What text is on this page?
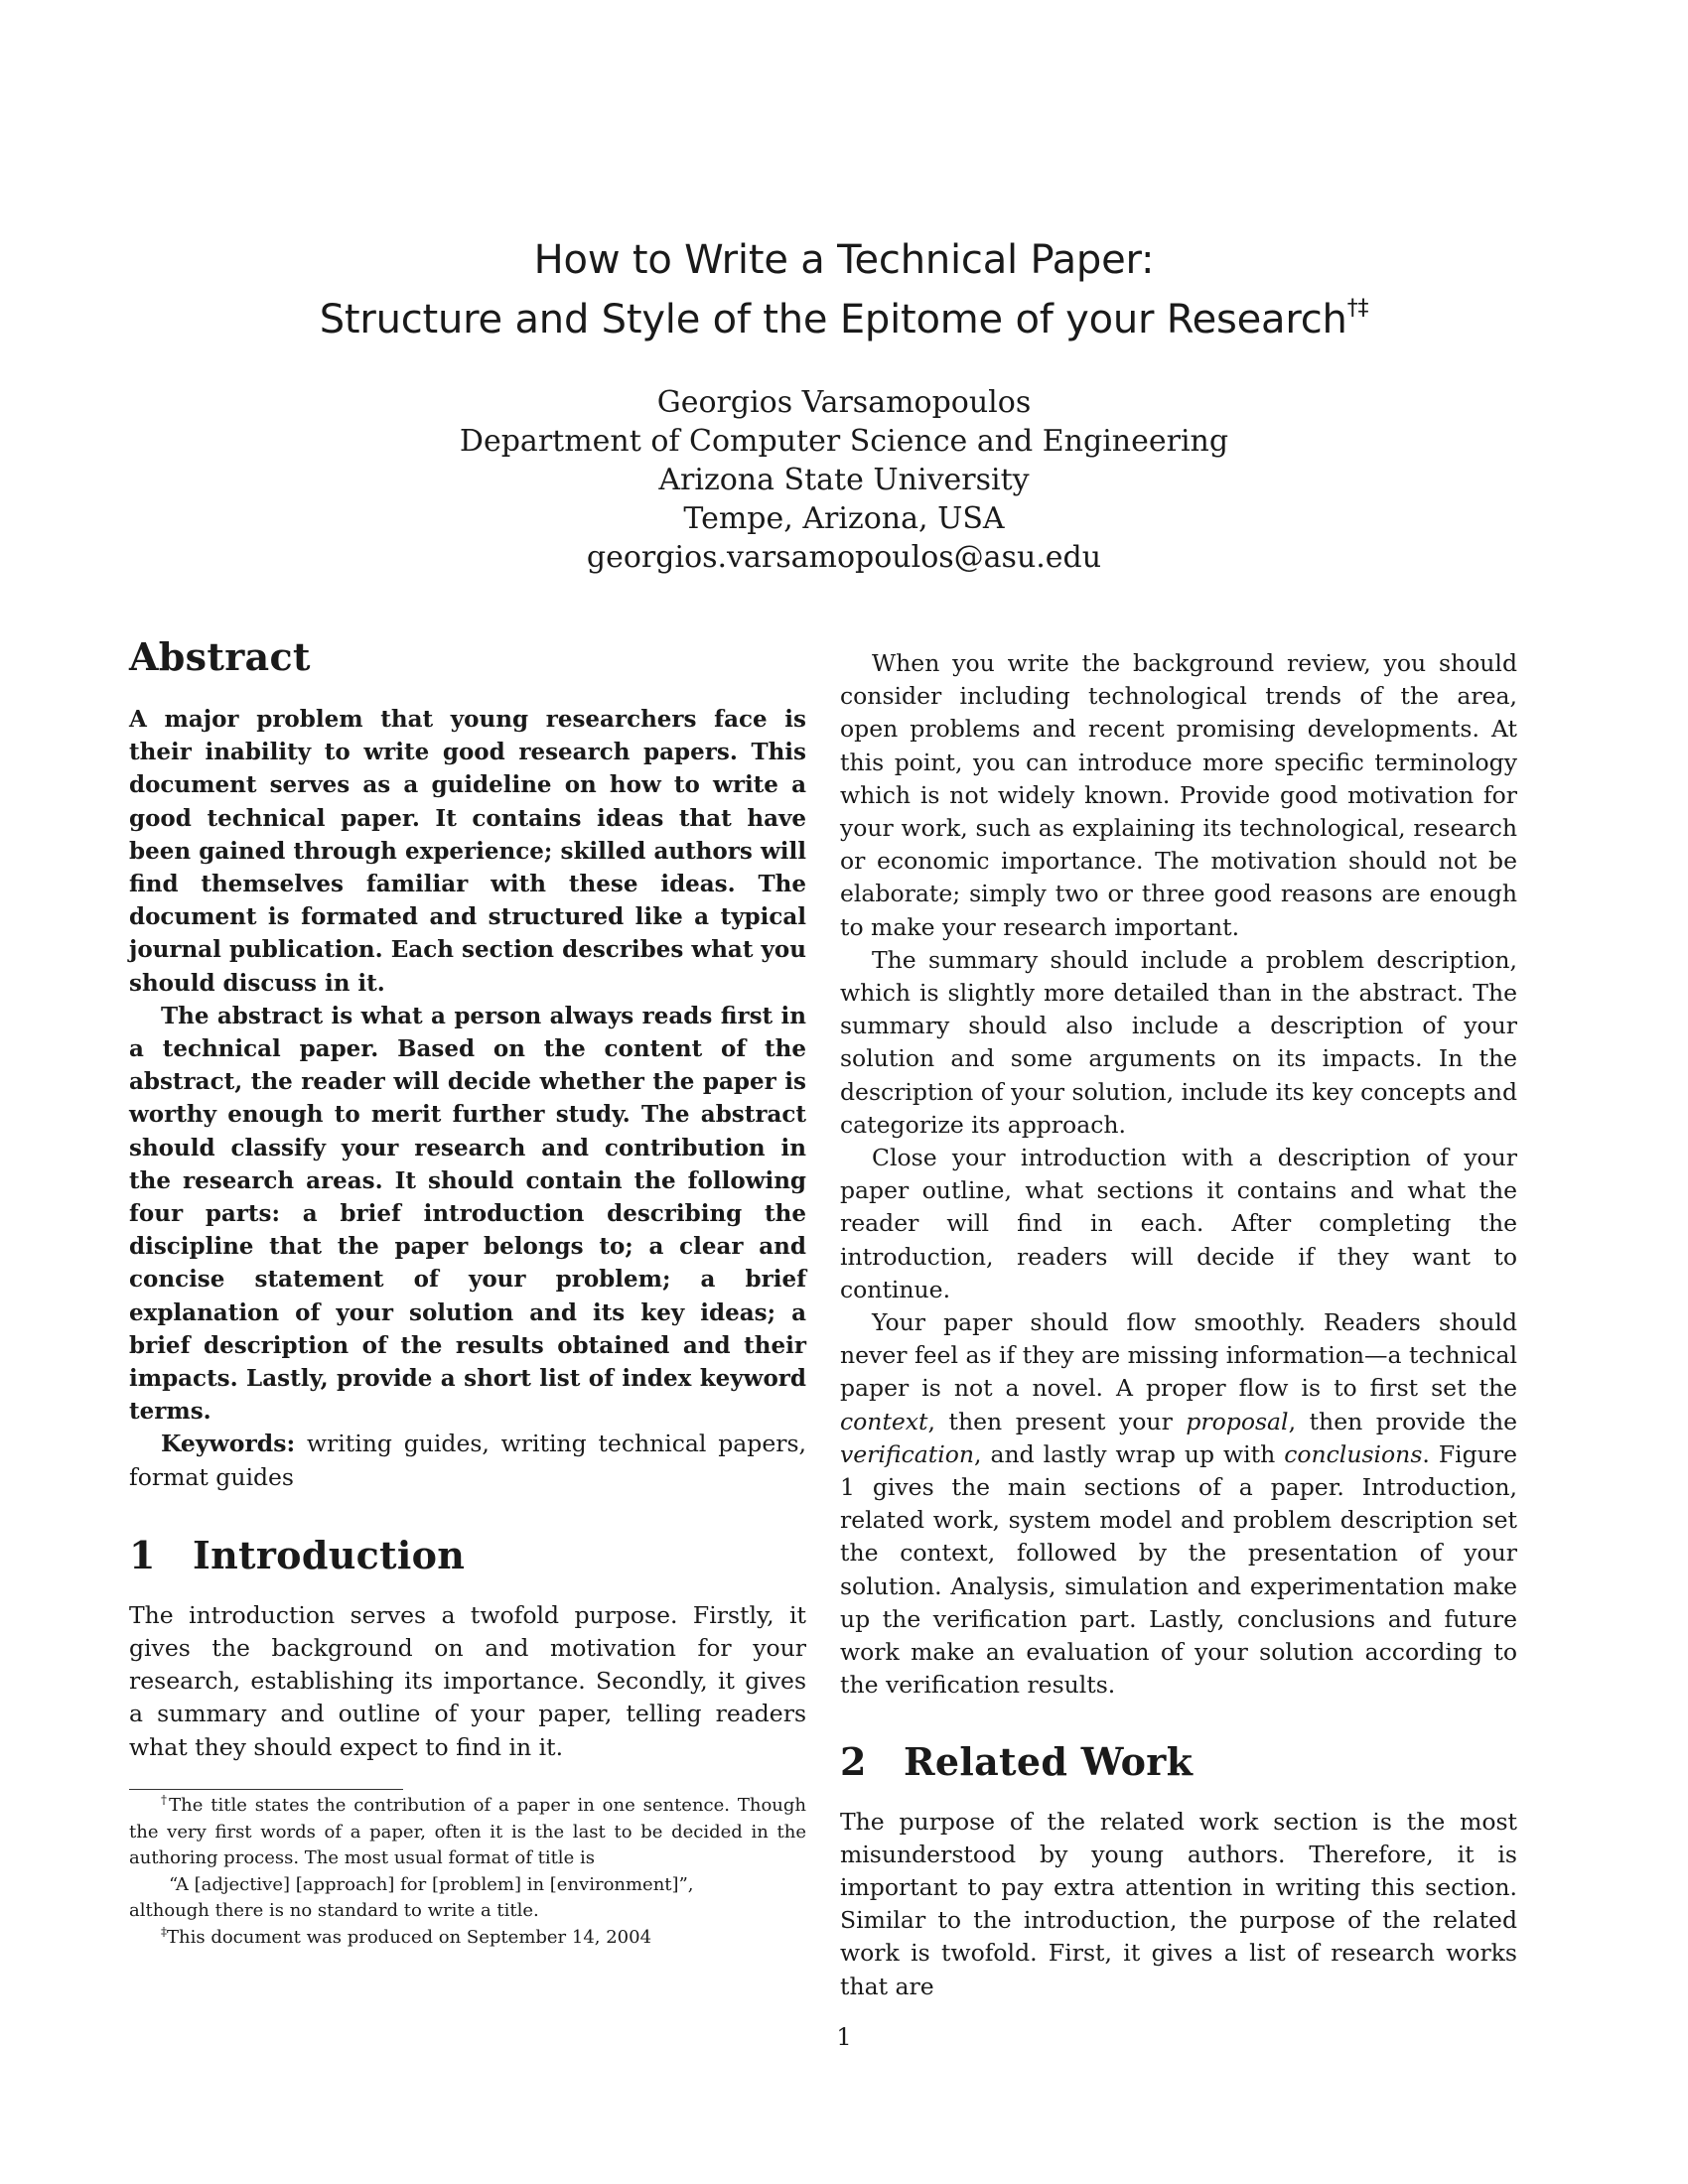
How to Write a Technical Paper:
Structure and Style of the Epitome of your Research†‡
Georgios Varsamopoulos
Department of Computer Science and Engineering
Arizona State University
Tempe, Arizona, USA
georgios.varsamopoulos@asu.edu
Abstract

A major problem that young researchers face is their inability to write good research papers. This document serves as a guideline on how to write a good technical paper. It contains ideas that have been gained through experience; skilled authors will find themselves familiar with these ideas. The document is formated and structured like a typical journal publication. Each section describes what you should discuss in it.

The abstract is what a person always reads first in a technical paper. Based on the content of the abstract, the reader will decide whether the paper is worthy enough to merit further study. The abstract should classify your research and contribution in the research areas. It should contain the following four parts: a brief introduction describing the discipline that the paper belongs to; a clear and concise statement of your problem; a brief explanation of your solution and its key ideas; a brief description of the results obtained and their impacts. Lastly, provide a short list of index keyword terms.

Keywords: writing guides, writing technical papers, format guides

1 Introduction

The introduction serves a twofold purpose. Firstly, it gives the background on and motivation for your research, establishing its importance. Secondly, it gives a summary and outline of your paper, telling readers what they should expect to find in it.

When you write the background review, you should consider including technological trends of the area, open problems and recent promising developments. At this point, you can introduce more specific terminology which is not widely known. Provide good motivation for your work, such as explaining its technological, research or economic importance. The motivation should not be elaborate; simply two or three good reasons are enough to make your research important.

The summary should include a problem description, which is slightly more detailed than in the abstract. The summary should also include a description of your solution and some arguments on its impacts. In the description of your solution, include its key concepts and categorize its approach.

Close your introduction with a description of your paper outline, what sections it contains and what the reader will find in each. After completing the introduction, readers will decide if they want to continue.

Your paper should flow smoothly. Readers should never feel as if they are missing information—a technical paper is not a novel. A proper flow is to first set the context, then present your proposal, then provide the verification, and lastly wrap up with conclusions. Figure 1 gives the main sections of a paper. Introduction, related work, system model and problem description set the context, followed by the presentation of your solution. Analysis, simulation and experimentation make up the verification part. Lastly, conclusions and future work make an evaluation of your solution according to the verification results.

2 Related Work

The purpose of the related work section is the most misunderstood by young authors. Therefore, it is important to pay extra attention in writing this section. Similar to the introduction, the purpose of the related work is twofold. First, it gives a list of research works that are

†The title states the contribution of a paper in one sentence. Though the very first words of a paper, often it is the last to be decided in the authoring process. The most usual format of title is

“A [adjective] [approach] for [problem] in [environment]”,

although there is no standard to write a title.

‡This document was produced on September 14, 2004

1
